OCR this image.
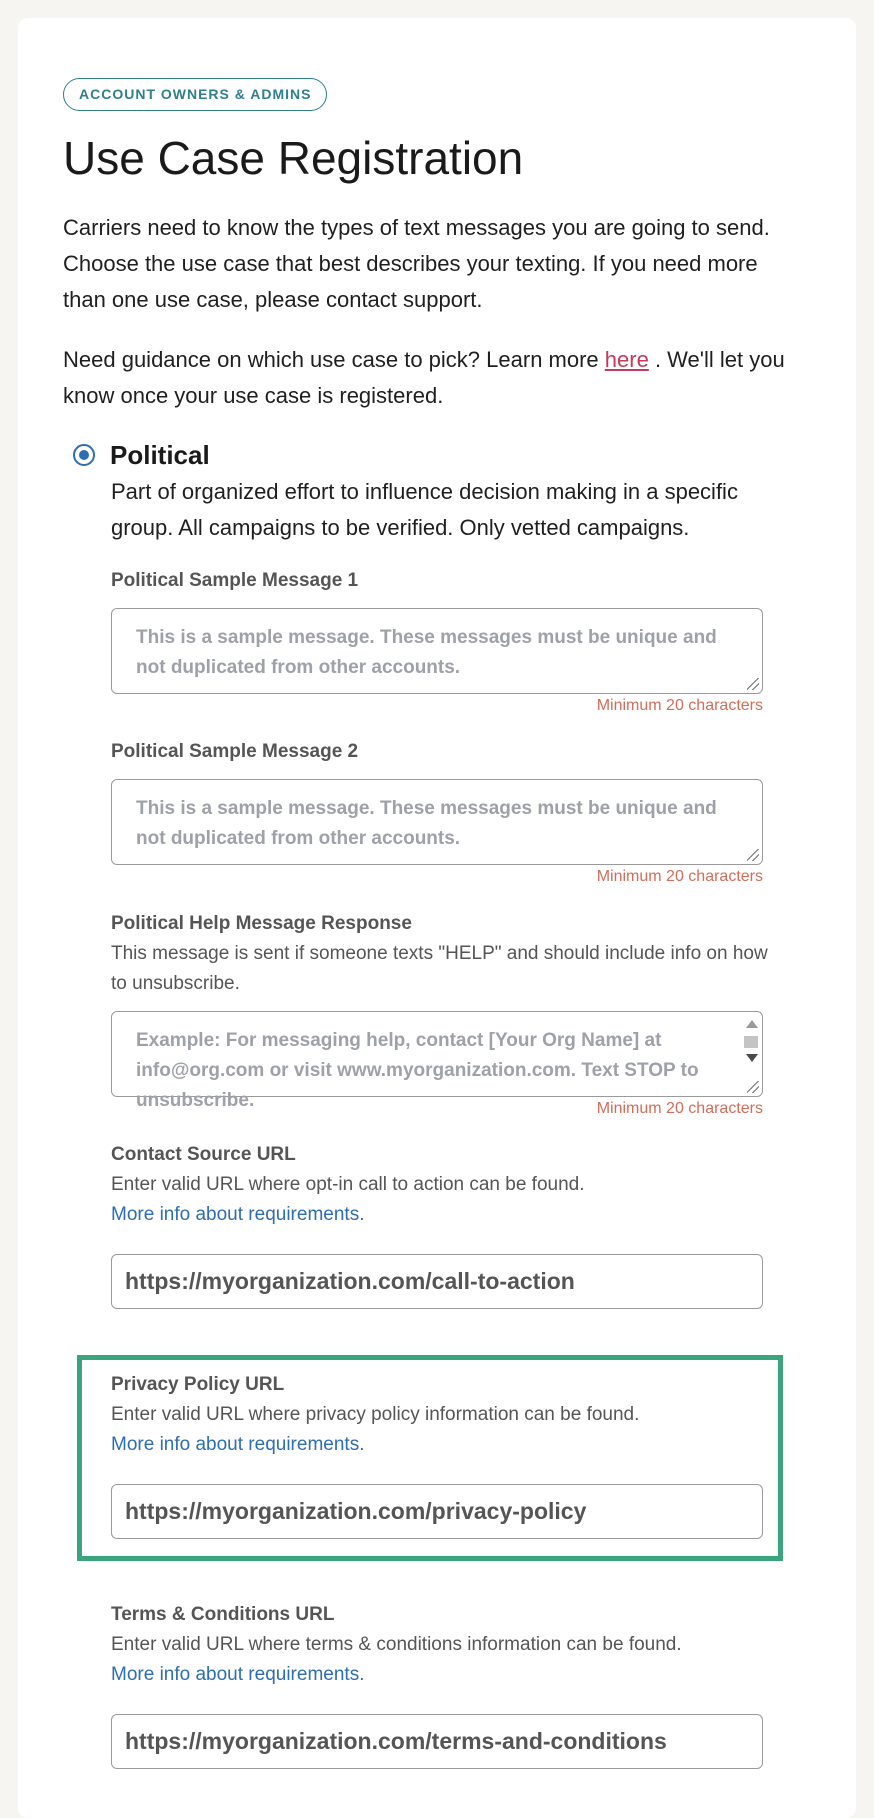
ACCOUNT OWNERS & ADMINS
Use Case Registration

Carriers need to know the types of text messages you are going to send. Choose the use case that best describes your texting. If you need more than one use case, please contact support.

Need guidance on which use case to pick? Learn more here . We'll let you know once your use case is registered.

Political

Part of organized effort to influence decision making in a specific group. All campaigns to be verified. Only vetted campaigns.

Political Sample Message 1
This is a sample message. These messages must be unique and not duplicated from other accounts.
Minimum 20 characters
Political Sample Message 2
This is a sample message. These messages must be unique and not duplicated from other accounts.
Minimum 20 characters
Political Help Message Response

This message is sent if someone texts "HELP" and should include info on how to unsubscribe.

Example: For messaging help, contact [Your Org Name] at info@org.com or visit www.myorganization.com. Text STOP to unsubscribe.	Minimum 20 characters
Contact Source URL

Enter valid URL where opt-in call to action can be found.

More info about requirements.
https://myorganization.com/call-to-action
Privacy Policy URL

Enter valid URL where privacy policy information can be found.

More info about requirements.
https://myorganization.com/privacy-policy
Terms & Conditions URL

Enter valid URL where terms & conditions information can be found.

More info about requirements.
https://myorganization.com/terms-and-conditions
